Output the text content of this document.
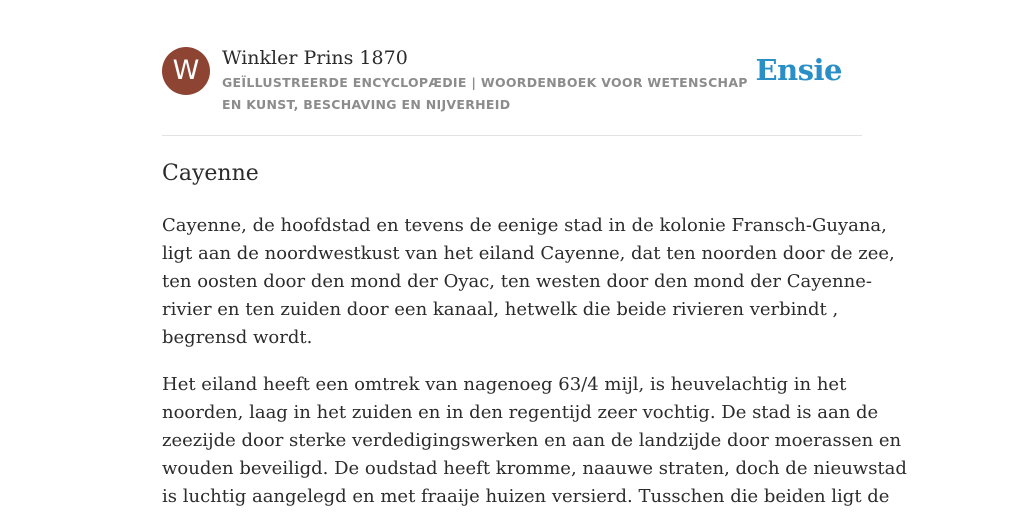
W	Winkler Prins 1870
GEÏLLUSTREERDE ENCYCLOPÆDIE | WOORDENBOEK VOOR WETENSCHAP EN KUNST, BESCHAVING EN NIJVERHEID
Ensie
Cayenne

Cayenne, de hoofdstad en tevens de eenige stad in de kolonie Fransch-Guyana,
ligt aan de noordwestkust van het eiland Cayenne, dat ten noorden door de zee,
ten oosten door den mond der Oyac, ten westen door den mond der Cayenne-
rivier en ten zuiden door een kanaal, hetwelk die beide rivieren verbindt ,
begrensd wordt.

Het eiland heeft een omtrek van nagenoeg 63/4 mijl, is heuvelachtig in het
noorden, laag in het zuiden en in den regentijd zeer vochtig. De stad is aan de
zeezijde door sterke verdedigingswerken en aan de landzijde door moerassen en
wouden beveiligd. De oudstad heeft kromme, naauwe straten, doch de nieuwstad
is luchtig aangelegd en met fraaije huizen versierd. Tusschen die beiden ligt de
